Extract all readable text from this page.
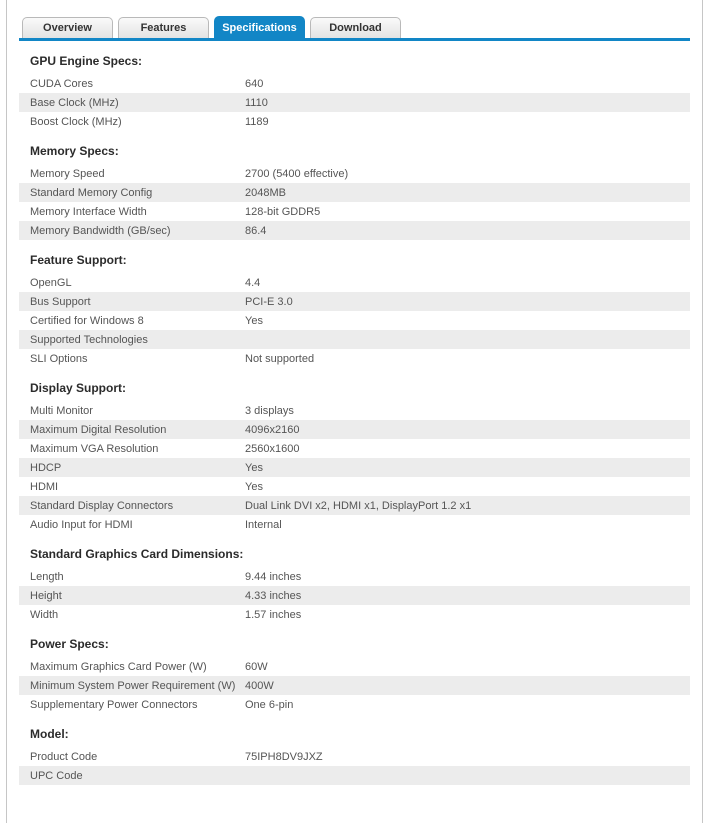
Overview	Features	Specifications	Download
GPU Engine Specs:
CUDA Cores	640
Base Clock (MHz)	1110
Boost Clock (MHz)	1189
Memory Specs:
Memory Speed	2700 (5400 effective)
Standard Memory Config	2048MB
Memory Interface Width	128-bit GDDR5
Memory Bandwidth (GB/sec)	86.4
Feature Support:
OpenGL	4.4
Bus Support	PCI-E 3.0
Certified for Windows 8	Yes
Supported Technologies
SLI Options	Not supported
Display Support:
Multi Monitor	3 displays
Maximum Digital Resolution	4096x2160
Maximum VGA Resolution	2560x1600
HDCP	Yes
HDMI	Yes
Standard Display Connectors	Dual Link DVI x2, HDMI x1, DisplayPort 1.2 x1
Audio Input for HDMI	Internal
Standard Graphics Card Dimensions:
Length	9.44 inches
Height	4.33 inches
Width	1.57 inches
Power Specs:
Maximum Graphics Card Power (W)	60W
Minimum System Power Requirement (W) 400W
Supplementary Power Connectors	One 6-pin
Model:
Product Code	75IPH8DV9JXZ
UPC Code
